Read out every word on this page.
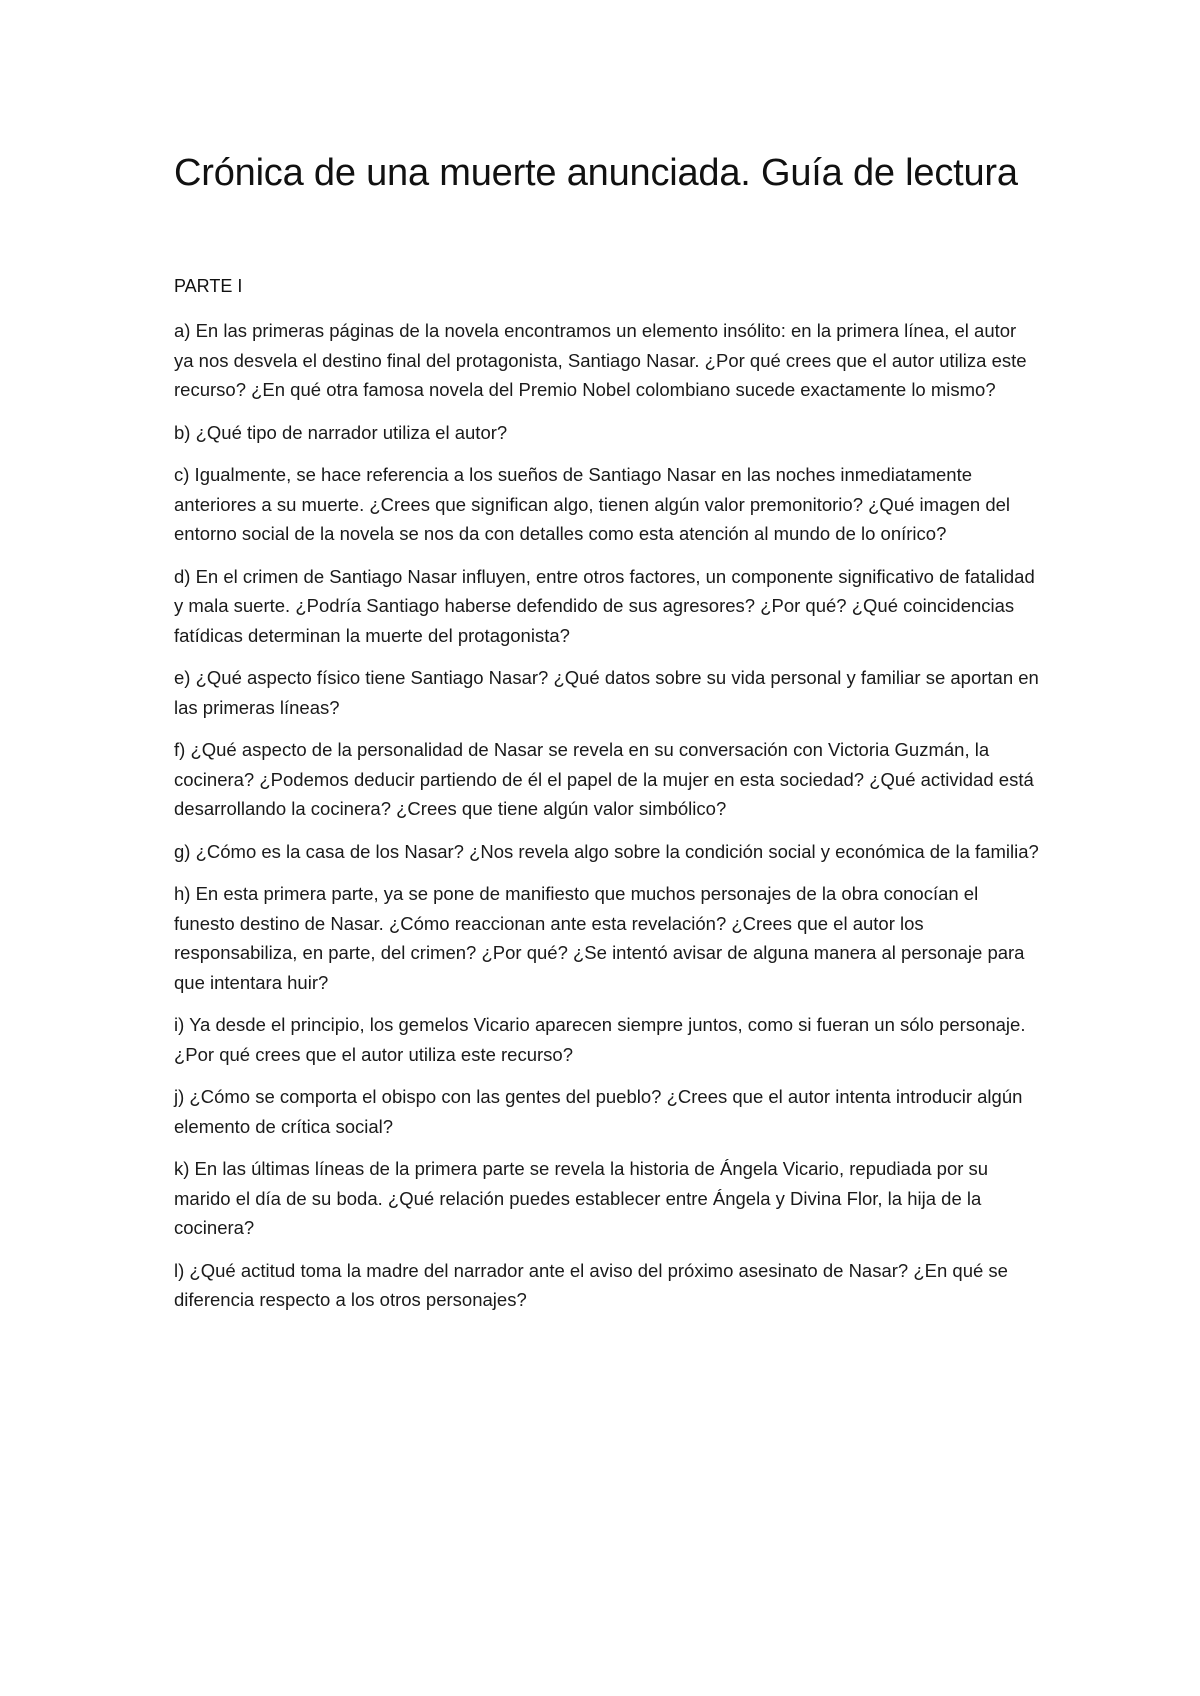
Crónica de una muerte anunciada. Guía de lectura
PARTE I
a) En las primeras páginas de la novela encontramos un elemento insólito: en la primera línea, el autor ya nos desvela el destino final del protagonista, Santiago Nasar. ¿Por qué crees que el autor utiliza este recurso? ¿En qué otra famosa novela del Premio Nobel colombiano sucede exactamente lo mismo?
b) ¿Qué tipo de narrador utiliza el autor?
c) Igualmente, se hace referencia a los sueños de Santiago Nasar en las noches inmediatamente anteriores a su muerte. ¿Crees que significan algo, tienen algún valor premonitorio? ¿Qué imagen del entorno social de la novela se nos da con detalles como esta atención al mundo de lo onírico?
d) En el crimen de Santiago Nasar influyen, entre otros factores, un componente significativo de fatalidad y mala suerte. ¿Podría Santiago haberse defendido de sus agresores? ¿Por qué? ¿Qué coincidencias fatídicas determinan la muerte del protagonista?
e) ¿Qué aspecto físico tiene Santiago Nasar? ¿Qué datos sobre su vida personal y familiar se aportan en las primeras líneas?
f) ¿Qué aspecto de la personalidad de Nasar se revela en su conversación con Victoria Guzmán, la cocinera? ¿Podemos deducir partiendo de él el papel de la mujer en esta sociedad? ¿Qué actividad está desarrollando la cocinera? ¿Crees que tiene algún valor simbólico?
g) ¿Cómo es la casa de los Nasar? ¿Nos revela algo sobre la condición social y económica de la familia?
h) En esta primera parte, ya se pone de manifiesto que muchos personajes de la obra conocían el funesto destino de Nasar. ¿Cómo reaccionan ante esta revelación? ¿Crees que el autor los responsabiliza, en parte, del crimen? ¿Por qué? ¿Se intentó avisar de alguna manera al personaje para que intentara huir?
i) Ya desde el principio, los gemelos Vicario aparecen siempre juntos, como si fueran un sólo personaje. ¿Por qué crees que el autor utiliza este recurso?
j) ¿Cómo se comporta el obispo con las gentes del pueblo? ¿Crees que el autor intenta introducir algún elemento de crítica social?
k) En las últimas líneas de la primera parte se revela la historia de Ángela Vicario, repudiada por su marido el día de su boda. ¿Qué relación puedes establecer entre Ángela y Divina Flor, la hija de la cocinera?
l) ¿Qué actitud toma la madre del narrador ante el aviso del próximo asesinato de Nasar? ¿En qué se diferencia respecto a los otros personajes?
